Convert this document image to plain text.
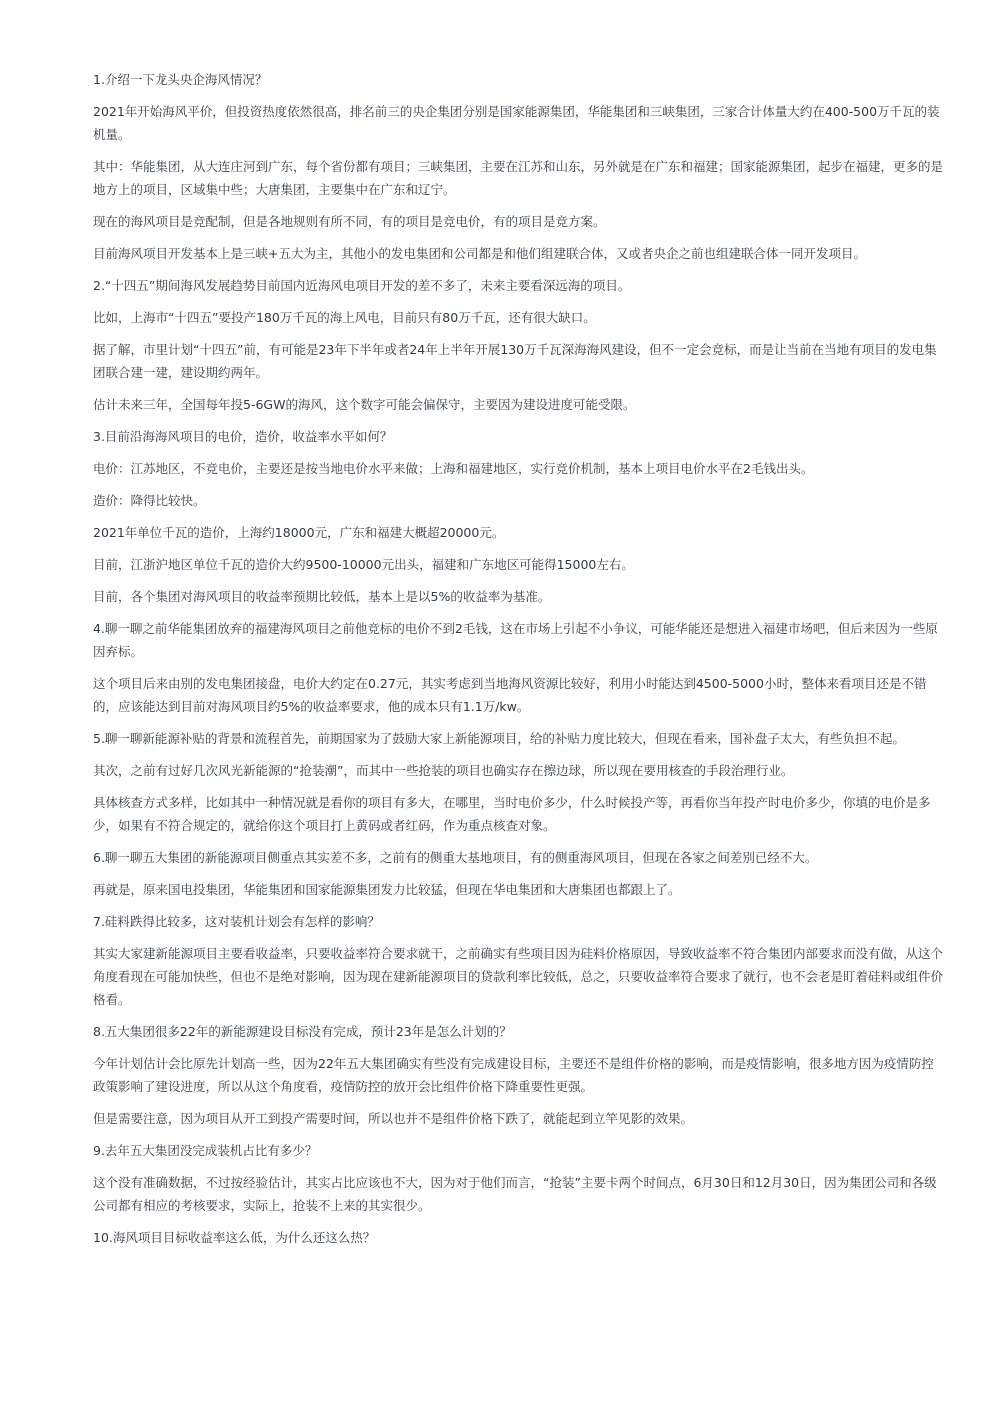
1.介绍一下龙头央企海风情况？

2021年开始海风平价，但投资热度依然很高，排名前三的央企集团分别是国家能源集团，华能集团和三峡集团，三家合计体量大约在400-500万千瓦的装机量。

其中：华能集团，从大连庄河到广东，每个省份都有项目；三峡集团，主要在江苏和山东，另外就是在广东和福建；国家能源集团，起步在福建，更多的是地方上的项目，区域集中些；大唐集团，主要集中在广东和辽宁。

现在的海风项目是竞配制，但是各地规则有所不同，有的项目是竞电价，有的项目是竞方案。

目前海风项目开发基本上是三峡+五大为主，其他小的发电集团和公司都是和他们组建联合体，又或者央企之前也组建联合体一同开发项目。

2.“十四五”期间海风发展趋势目前国内近海风电项目开发的差不多了，未来主要看深远海的项目。

比如，上海市“十四五”要投产180万千瓦的海上风电，目前只有80万千瓦，还有很大缺口。

据了解，市里计划“十四五”前，有可能是23年下半年或者24年上半年开展130万千瓦深海海风建设，但不一定会竞标，而是让当前在当地有项目的发电集团联合建一建，建设期约两年。

估计未来三年，全国每年投5-6GW的海风，这个数字可能会偏保守，主要因为建设进度可能受限。

3.目前沿海海风项目的电价，造价，收益率水平如何？

电价：江苏地区，不竞电价，主要还是按当地电价水平来做；上海和福建地区，实行竞价机制，基本上项目电价水平在2毛钱出头。

造价：降得比较快。

2021年单位千瓦的造价，上海约18000元，广东和福建大概超20000元。

目前，江浙沪地区单位千瓦的造价大约9500-10000元出头，福建和广东地区可能得15000左右。

目前，各个集团对海风项目的收益率预期比较低，基本上是以5%的收益率为基准。

4.聊一聊之前华能集团放弃的福建海风项目之前他竞标的电价不到2毛钱，这在市场上引起不小争议，可能华能还是想进入福建市场吧，但后来因为一些原因弃标。

这个项目后来由别的发电集团接盘，电价大约定在0.27元，其实考虑到当地海风资源比较好，利用小时能达到4500-5000小时，整体来看项目还是不错的，应该能达到目前对海风项目约5%的收益率要求，他的成本只有1.1万/kw。

5.聊一聊新能源补贴的背景和流程首先，前期国家为了鼓励大家上新能源项目，给的补贴力度比较大，但现在看来，国补盘子太大，有些负担不起。

其次，之前有过好几次风光新能源的“抢装潮”，而其中一些抢装的项目也确实存在擦边球，所以现在要用核查的手段治理行业。

具体核查方式多样，比如其中一种情况就是看你的项目有多大，在哪里，当时电价多少，什么时候投产等，再看你当年投产时电价多少，你填的电价是多少，如果有不符合规定的，就给你这个项目打上黄码或者红码，作为重点核查对象。

6.聊一聊五大集团的新能源项目侧重点其实差不多，之前有的侧重大基地项目，有的侧重海风项目，但现在各家之间差别已经不大。

再就是，原来国电投集团，华能集团和国家能源集团发力比较猛，但现在华电集团和大唐集团也都跟上了。

7.硅料跌得比较多，这对装机计划会有怎样的影响？

其实大家建新能源项目主要看收益率，只要收益率符合要求就干，之前确实有些项目因为硅料价格原因，导致收益率不符合集团内部要求而没有做，从这个角度看现在可能加快些，但也不是绝对影响，因为现在建新能源项目的贷款利率比较低，总之，只要收益率符合要求了就行，也不会老是盯着硅料或组件价格看。

8.五大集团很多22年的新能源建设目标没有完成，预计23年是怎么计划的？

今年计划估计会比原先计划高一些，因为22年五大集团确实有些没有完成建设目标，主要还不是组件价格的影响，而是疫情影响，很多地方因为疫情防控政策影响了建设进度，所以从这个角度看，疫情防控的放开会比组件价格下降重要性更强。

但是需要注意，因为项目从开工到投产需要时间，所以也并不是组件价格下跌了，就能起到立竿见影的效果。

9.去年五大集团没完成装机占比有多少？

这个没有准确数据，不过按经验估计，其实占比应该也不大，因为对于他们而言，“抢装”主要卡两个时间点，6月30日和12月30日，因为集团公司和各级公司都有相应的考核要求，实际上，抢装不上来的其实很少。

10.海风项目目标收益率这么低，为什么还这么热？
